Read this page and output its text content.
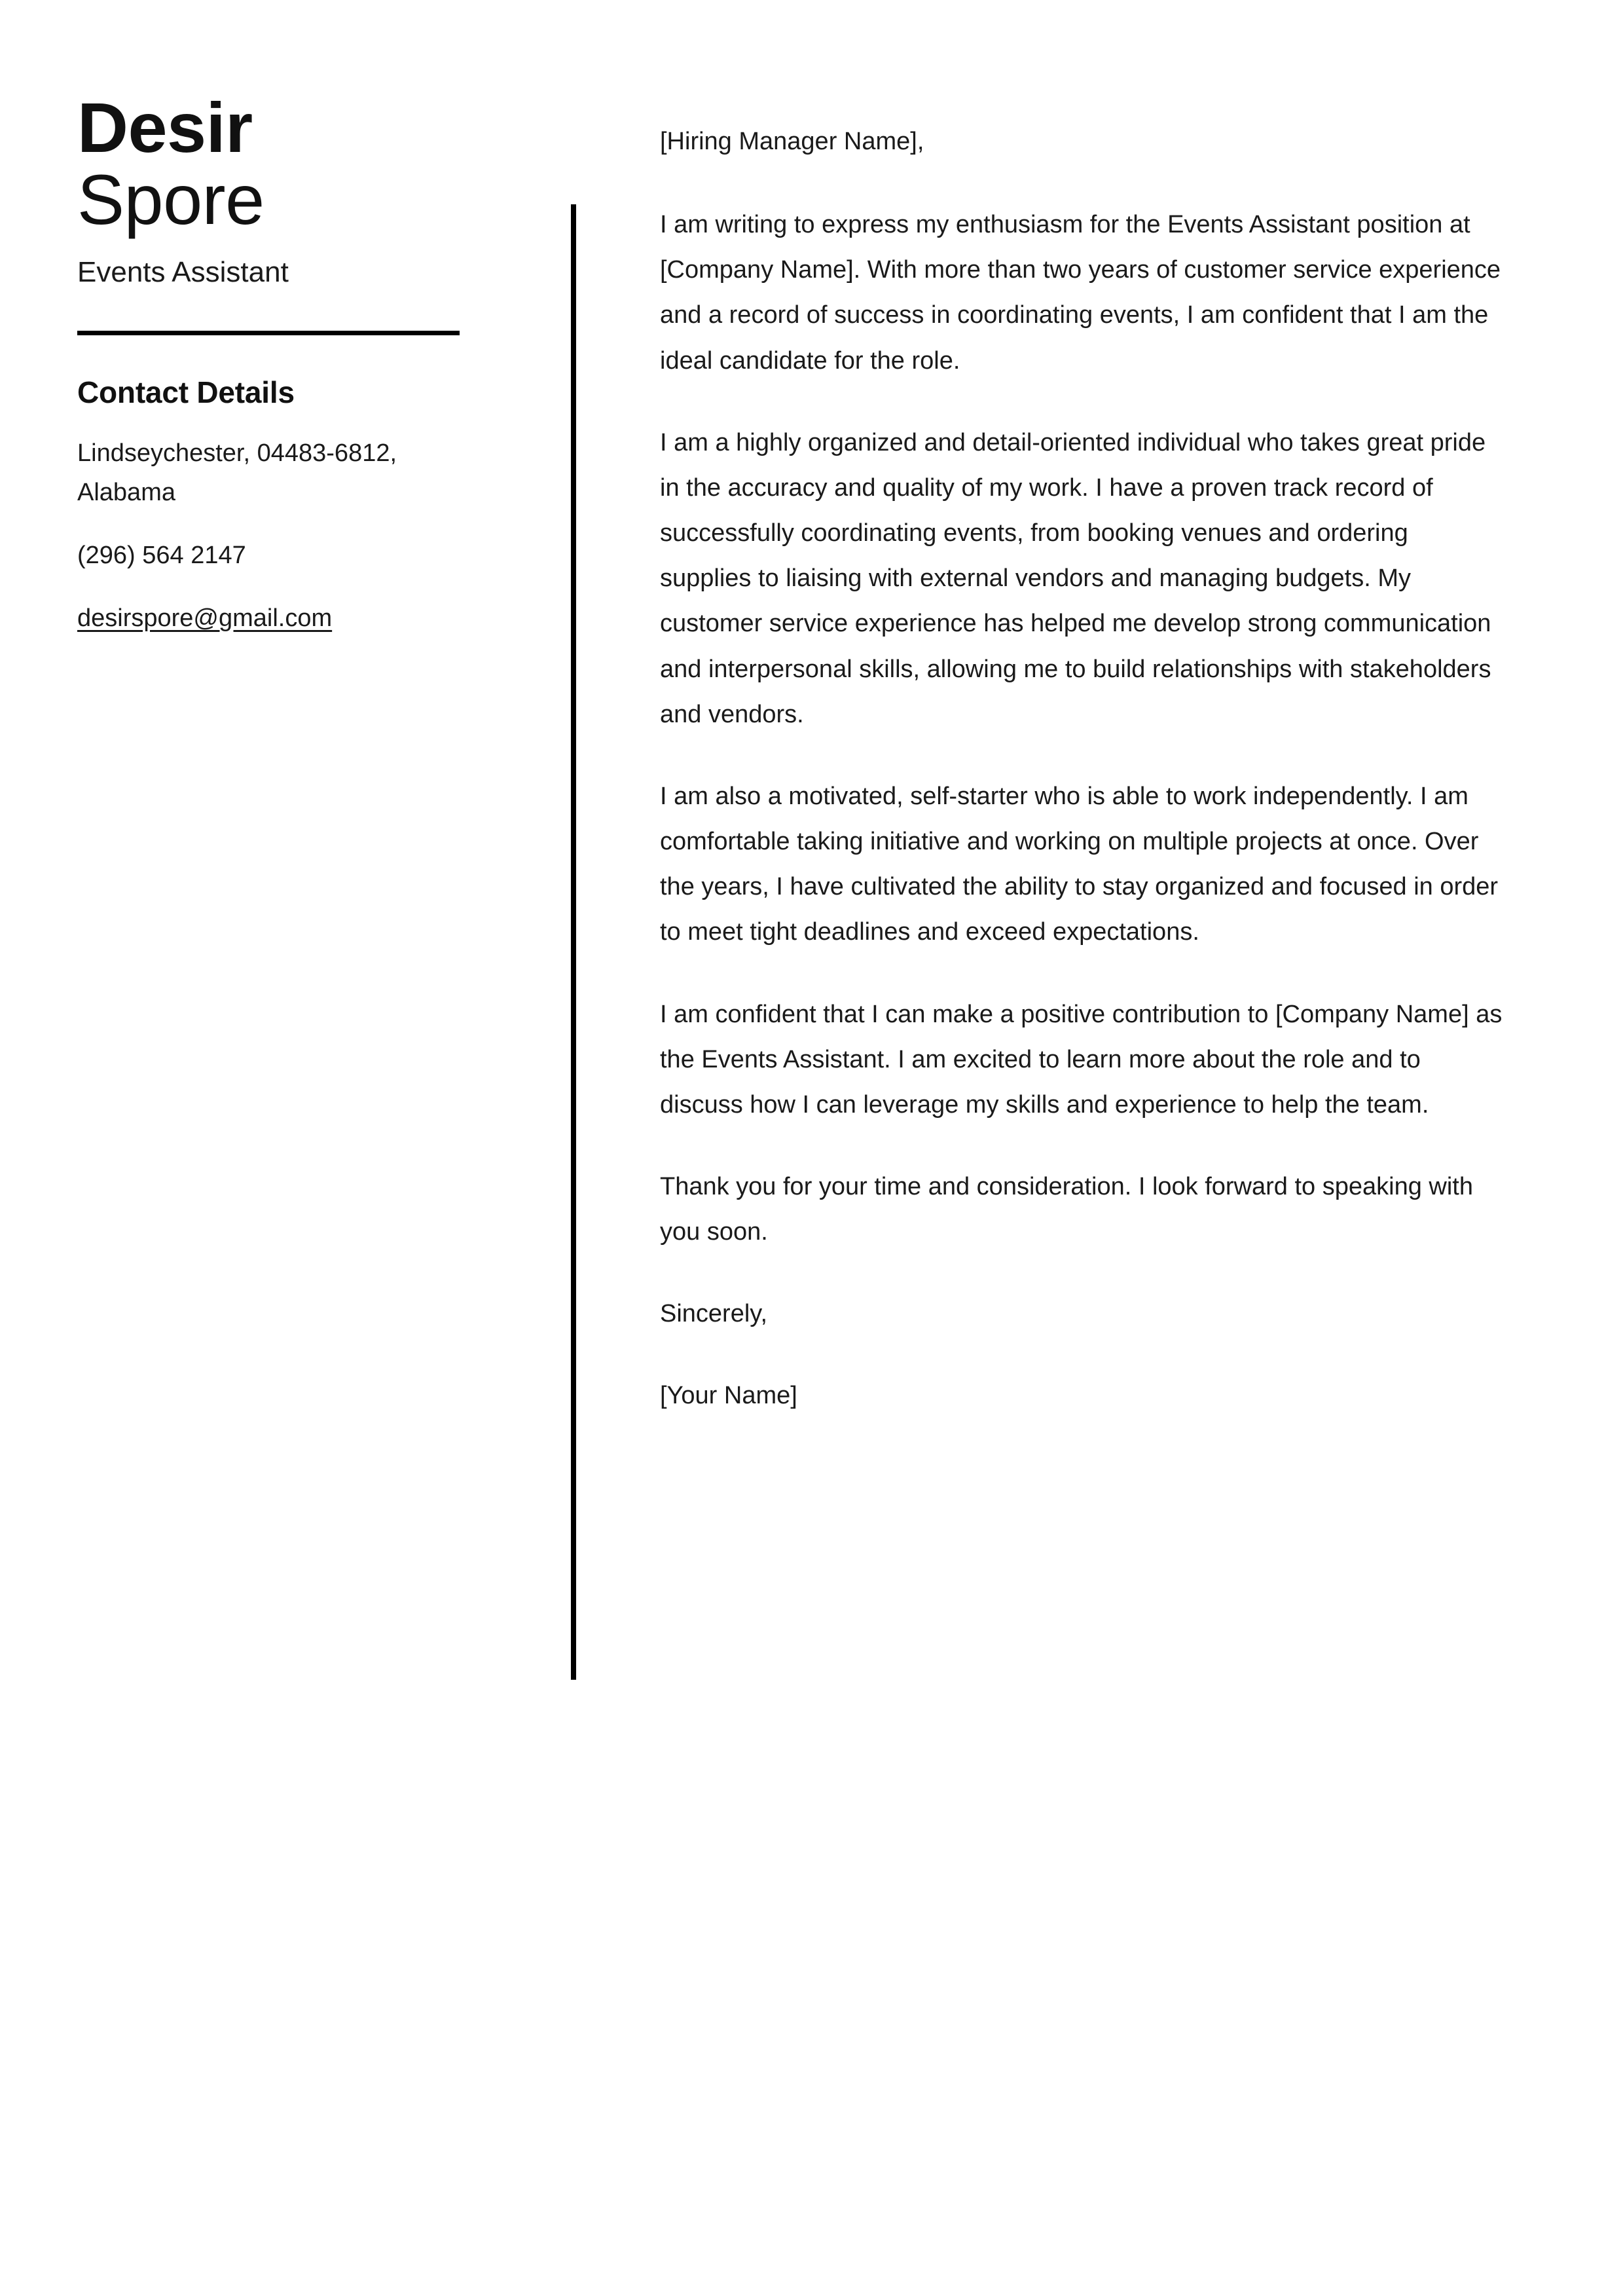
Desir
Spore
Events Assistant
Contact Details
Lindseychester, 04483-6812, Alabama
(296) 564 2147
desirspore@gmail.com

[Hiring Manager Name],

I am writing to express my enthusiasm for the Events Assistant position at [Company Name]. With more than two years of customer service experience and a record of success in coordinating events, I am confident that I am the ideal candidate for the role.

I am a highly organized and detail-oriented individual who takes great pride in the accuracy and quality of my work. I have a proven track record of successfully coordinating events, from booking venues and ordering supplies to liaising with external vendors and managing budgets. My customer service experience has helped me develop strong communication and interpersonal skills, allowing me to build relationships with stakeholders and vendors.

I am also a motivated, self-starter who is able to work independently. I am comfortable taking initiative and working on multiple projects at once. Over the years, I have cultivated the ability to stay organized and focused in order to meet tight deadlines and exceed expectations.

I am confident that I can make a positive contribution to [Company Name] as the Events Assistant. I am excited to learn more about the role and to discuss how I can leverage my skills and experience to help the team.

Thank you for your time and consideration. I look forward to speaking with you soon.

Sincerely,

[Your Name]
